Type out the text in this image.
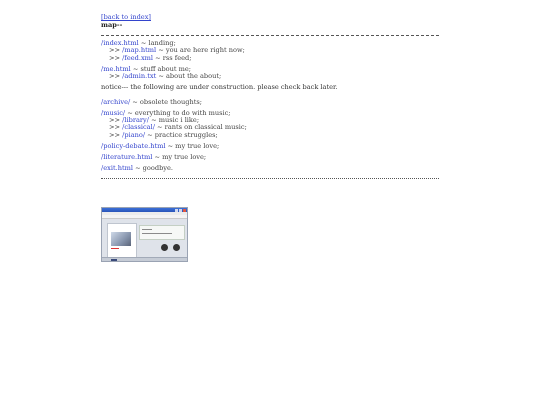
[back to index]
map--
/index.html ~ landing;
>> /map.html ~ you are here right now;
>> /feed.xml ~ rss feed;
/me.html ~ stuff about me;
>> /admin.txt ~ about the about;
notice--- the following are under construction. please check back later.
/archive/ ~ obsolete thoughts;
/music/ ~ everything to do with music;
>> /library/ ~ music i like;
>> /classical/ ~ rants on classical music;
>> /piano/ ~ practice struggles;
/policy-debate.html ~ my true love;
/literature.html ~ my true love;
/exit.html ~ goodbye.
